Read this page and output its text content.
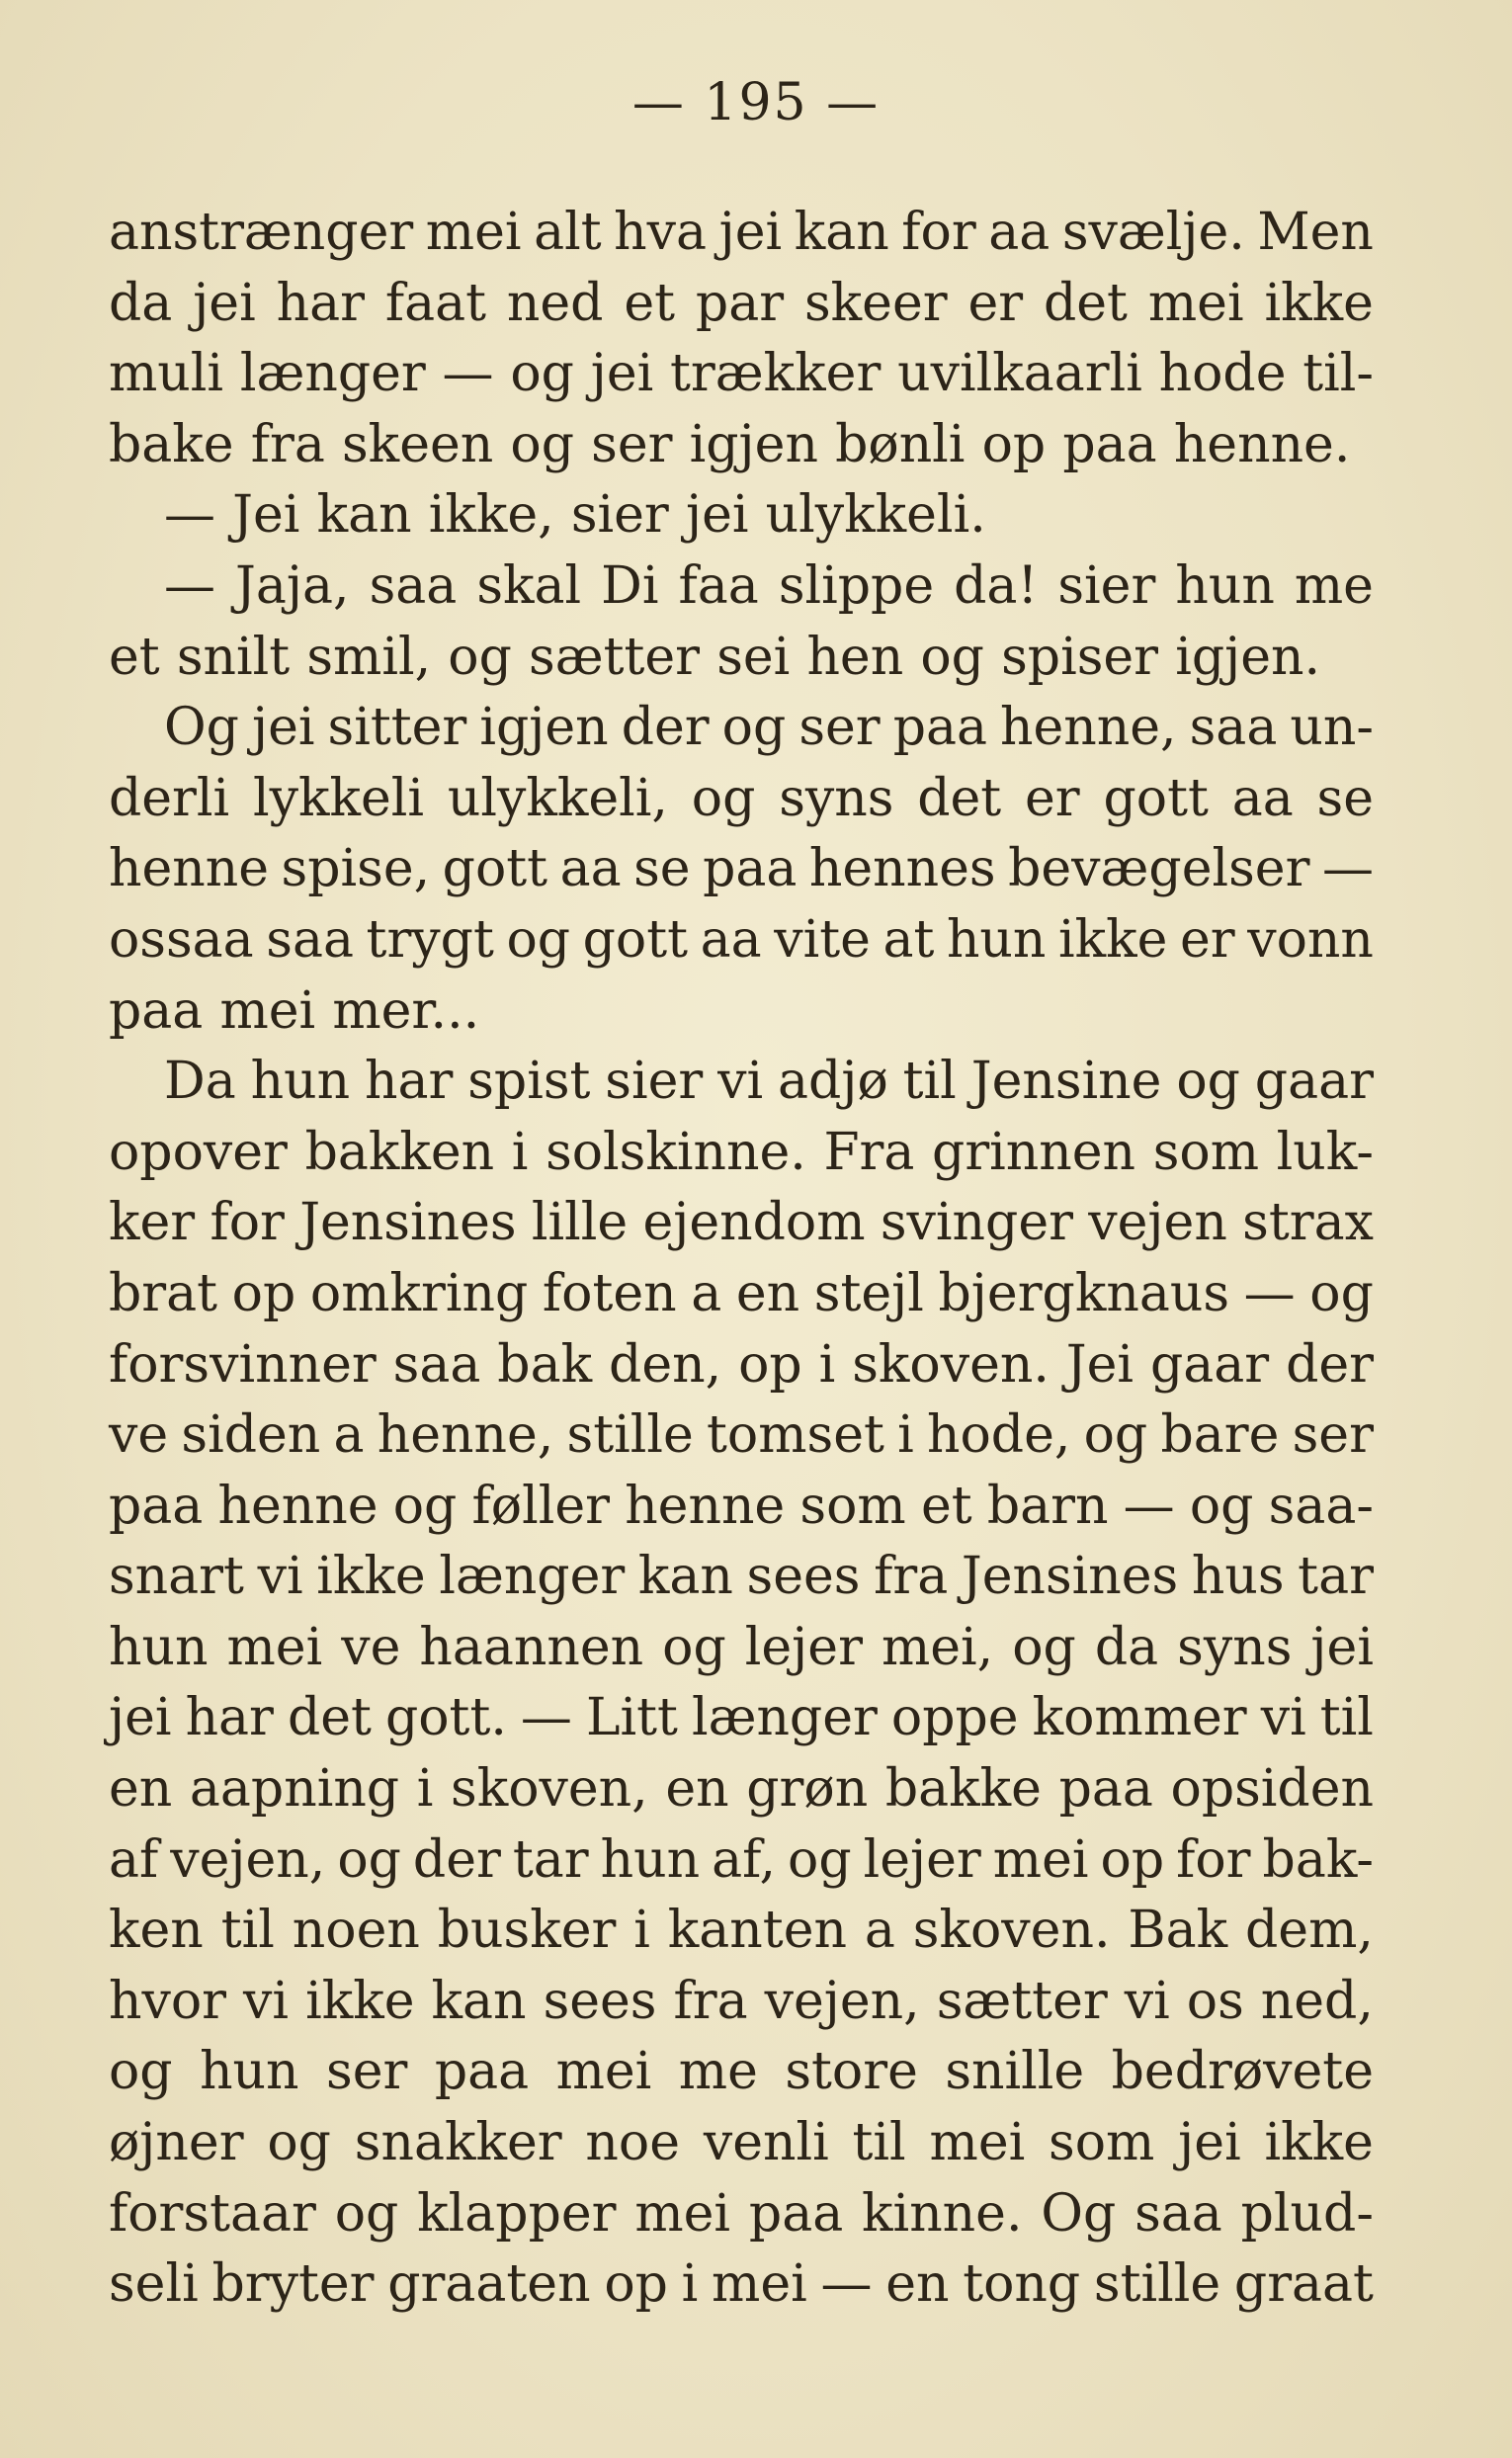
— 195 —
anstrænger mei alt hva jei kan for aa svælje. Men
da jei har faat ned et par skeer er det mei ikke
muli længer — og jei trækker uvilkaarli hode til-
bake fra skeen og ser igjen bønli op paa henne.
— Jei kan ikke, sier jei ulykkeli.
— Jaja, saa skal Di faa slippe da! sier hun me
et snilt smil, og sætter sei hen og spiser igjen.
Og jei sitter igjen der og ser paa henne, saa un-
derli lykkeli ulykkeli, og syns det er gott aa se
henne spise, gott aa se paa hennes bevægelser —
ossaa saa trygt og gott aa vite at hun ikke er vonn
paa mei mer...
Da hun har spist sier vi adjø til Jensine og gaar
opover bakken i solskinne. Fra grinnen som luk-
ker for Jensines lille ejendom svinger vejen strax
brat op omkring foten a en stejl bjergknaus — og
forsvinner saa bak den, op i skoven. Jei gaar der
ve siden a henne, stille tomset i hode, og bare ser
paa henne og føller henne som et barn — og saa-
snart vi ikke længer kan sees fra Jensines hus tar
hun mei ve haannen og lejer mei, og da syns jei
jei har det gott. — Litt længer oppe kommer vi til
en aapning i skoven, en grøn bakke paa opsiden
af vejen, og der tar hun af, og lejer mei op for bak-
ken til noen busker i kanten a skoven. Bak dem,
hvor vi ikke kan sees fra vejen, sætter vi os ned,
og hun ser paa mei me store snille bedrøvete
øjner og snakker noe venli til mei som jei ikke
forstaar og klapper mei paa kinne. Og saa plud-
seli bryter graaten op i mei — en tong stille graat
